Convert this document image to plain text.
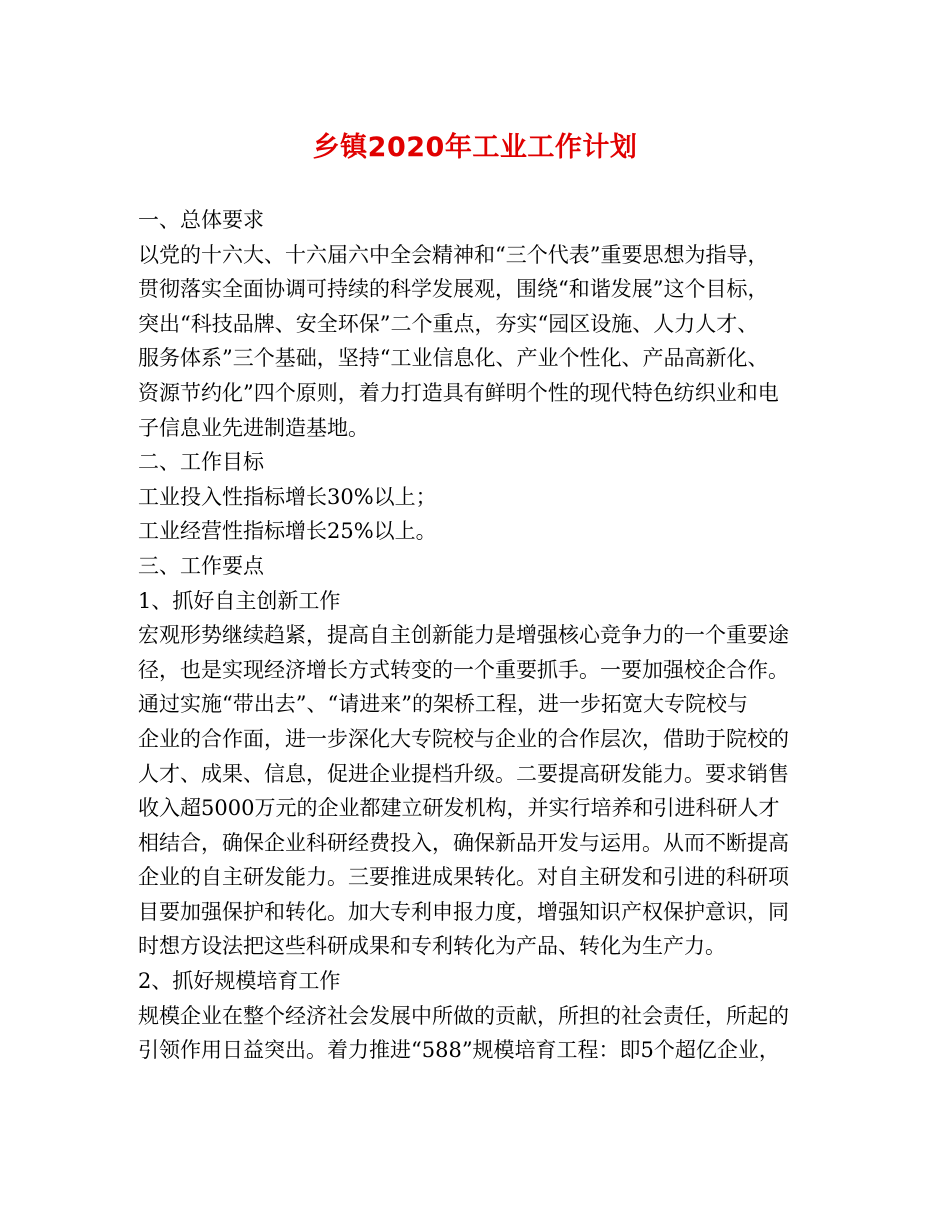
乡镇2020年工业工作计划
一、总体要求
以党的十六大、十六届六中全会精神和“三个代表”重要思想为指导，
贯彻落实全面协调可持续的科学发展观，围绕“和谐发展”这个目标，
突出“科技品牌、安全环保”二个重点，夯实“园区设施、人力人才、
服务体系”三个基础，坚持“工业信息化、产业个性化、产品高新化、
资源节约化”四个原则，着力打造具有鲜明个性的现代特色纺织业和电
子信息业先进制造基地。
二、工作目标
工业投入性指标增长30%以上；
工业经营性指标增长25%以上。
三、工作要点
1、抓好自主创新工作
宏观形势继续趋紧，提高自主创新能力是增强核心竞争力的一个重要途
径，也是实现经济增长方式转变的一个重要抓手。一要加强校企合作。
通过实施“带出去”、“请进来”的架桥工程，进一步拓宽大专院校与
企业的合作面，进一步深化大专院校与企业的合作层次，借助于院校的
人才、成果、信息，促进企业提档升级。二要提高研发能力。要求销售
收入超5000万元的企业都建立研发机构，并实行培养和引进科研人才
相结合，确保企业科研经费投入，确保新品开发与运用。从而不断提高
企业的自主研发能力。三要推进成果转化。对自主研发和引进的科研项
目要加强保护和转化。加大专利申报力度，增强知识产权保护意识，同
时想方设法把这些科研成果和专利转化为产品、转化为生产力。
2、抓好规模培育工作
规模企业在整个经济社会发展中所做的贡献，所担的社会责任，所起的
引领作用日益突出。着力推进“588”规模培育工程：即5个超亿企业，
